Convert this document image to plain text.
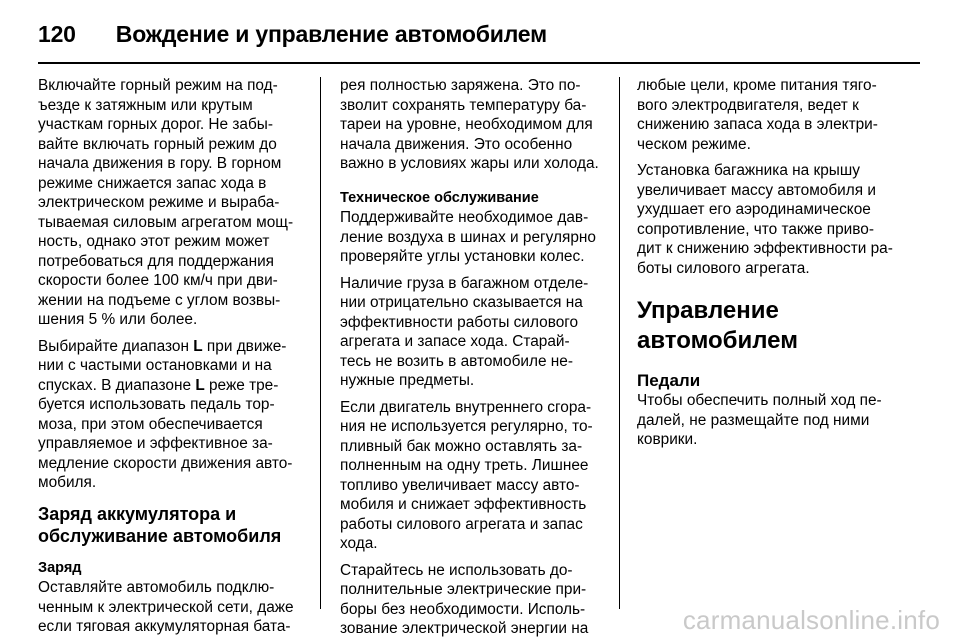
120 Вождение и управление автомобилем
Включайте горный режим на под-
ъезде к затяжным или крутым
участкам горных дорог. Не забы-
вайте включать горный режим до
начала движения в гору. В горном
режиме снижается запас хода в
электрическом режиме и выраба-
тываемая силовым агрегатом мощ-
ность, однако этот режим может
потребоваться для поддержания
скорости более 100 км/ч при дви-
жении на подъеме с углом возвы-
шения 5 % или более.
Выбирайте диапазон L при движе-
нии с частыми остановками и на
спусках. В диапазоне L реже тре-
буется использовать педаль тор-
моза, при этом обеспечивается
управляемое и эффективное за-
медление скорости движения авто-
мобиля.
Заряд аккумулятора и
обслуживание автомобиля
Заряд
Оставляйте автомобиль подклю-
ченным к электрической сети, даже
если тяговая аккумуляторная бата-
рея полностью заряжена. Это по-
зволит сохранять температуру ба-
тареи на уровне, необходимом для
начала движения. Это особенно
важно в условиях жары или холода.
Техническое обслуживание
Поддерживайте необходимое дав-
ление воздуха в шинах и регулярно
проверяйте углы установки колес.
Наличие груза в багажном отделе-
нии отрицательно сказывается на
эффективности работы силового
агрегата и запасе хода. Старай-
тесь не возить в автомобиле не-
нужные предметы.
Если двигатель внутреннего сгора-
ния не используется регулярно, то-
пливный бак можно оставлять за-
полненным на одну треть. Лишнее
топливо увеличивает массу авто-
мобиля и снижает эффективность
работы силового агрегата и запас
хода.
Старайтесь не использовать до-
полнительные электрические при-
боры без необходимости. Исполь-
зование электрической энергии на
любые цели, кроме питания тяго-
вого электродвигателя, ведет к
снижению запаса хода в электри-
ческом режиме.
Установка багажника на крышу
увеличивает массу автомобиля и
ухудшает его аэродинамическое
сопротивление, что также приво-
дит к снижению эффективности ра-
боты силового агрегата.
Управление
автомобилем
Педали
Чтобы обеспечить полный ход пе-
далей, не размещайте под ними
коврики.
carmanualsonline.info
